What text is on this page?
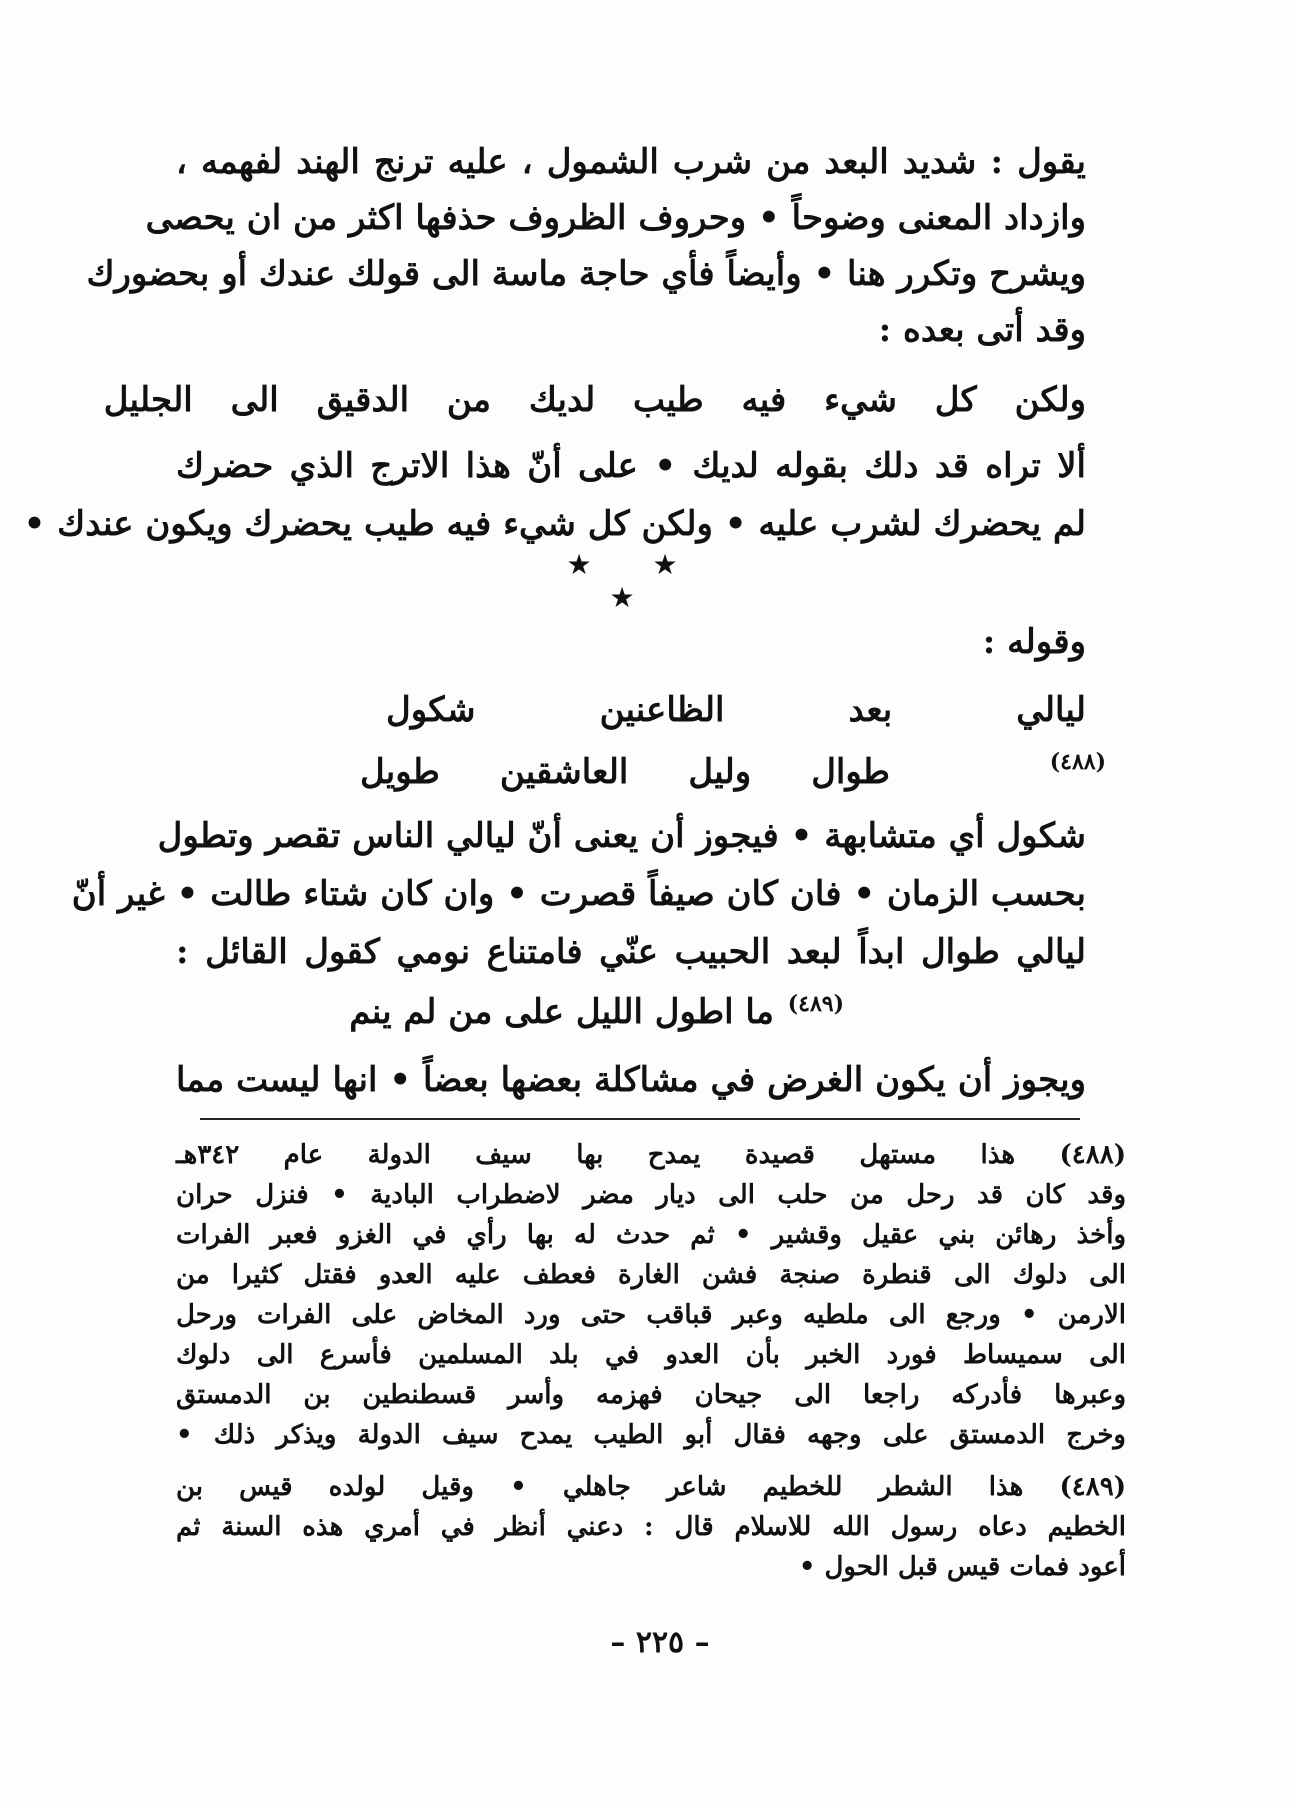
يقول : شديد البعد من شرب الشمول ، عليه ترنج الهند لفهمه ،
وازداد المعنى وضوحاً • وحروف الظروف حذفها اكثر من ان يحصى
ويشرح وتكرر هنا • وأيضاً فأي حاجة ماسة الى قولك عندك أو بحضورك
وقد أتى بعده :
ولكن كل شيء فيه طيب لديك من الدقيق الى الجليل
ألا تراه قد دلك بقوله لديك • على أنّ هذا الاترج الذي حضرك
لم يحضرك لشرب عليه • ولكن كل شيء فيه طيب يحضرك ويكون عندك •
★ ★ ★
وقوله :
ليالي بعد الظاعنين شكول
طوال وليل العاشقين طويل	(٤٨٨)
شكول أي متشابهة • فيجوز أن يعنى أنّ ليالي الناس تقصر وتطول
بحسب الزمان • فان كان صيفاً قصرت • وان كان شتاء طالت • غير أنّ
ليالي طوال ابداً لبعد الحبيب عنّي فامتناع نومي كقول القائل :
ما اطول الليل على من لم ينم (٤٨٩)
ويجوز أن يكون الغرض في مشاكلة بعضها بعضاً • انها ليست مما
(٤٨٨) هذا مستهل قصيدة يمدح بها سيف الدولة عام ٣٤٢هـ
وقد كان قد رحل من حلب الى ديار مضر لاضطراب البادية • فنزل حران
وأخذ رهائن بني عقيل وقشير • ثم حدث له بها رأي في الغزو فعبر الفرات
الى دلوك الى قنطرة صنجة فشن الغارة فعطف عليه العدو فقتل كثيرا من
الارمن • ورجع الى ملطيه وعبر قباقب حتى ورد المخاض على الفرات ورحل
الى سميساط فورد الخبر بأن العدو في بلد المسلمين فأسرع الى دلوك
وعبرها فأدركه راجعا الى جيحان فهزمه وأسر قسطنطين بن الدمستق
وخرج الدمستق على وجهه فقال أبو الطيب يمدح سيف الدولة ويذكر ذلك •
(٤٨٩) هذا الشطر للخطيم شاعر جاهلي • وقيل لولده قيس بن
الخطيم دعاه رسول الله للاسلام قال : دعني أنظر في أمري هذه السنة ثم
أعود فمات قيس قبل الحول •
– ٢٢٥ –
